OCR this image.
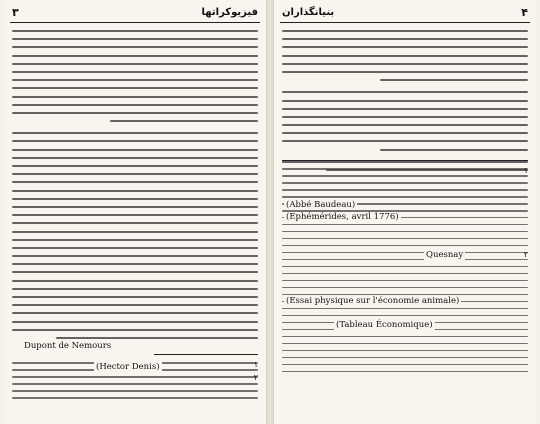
۳	فیزیوکراتها
Dupont de Nemours
(Hector Denis)	۱
۲
بنیانگذاران	۴
۱
(Abbé Baudeau)
(Ephémérides, avril 1776)
۲
Quesnay
(Essai physique sur l'économie animale)
(Tableau Économique)
